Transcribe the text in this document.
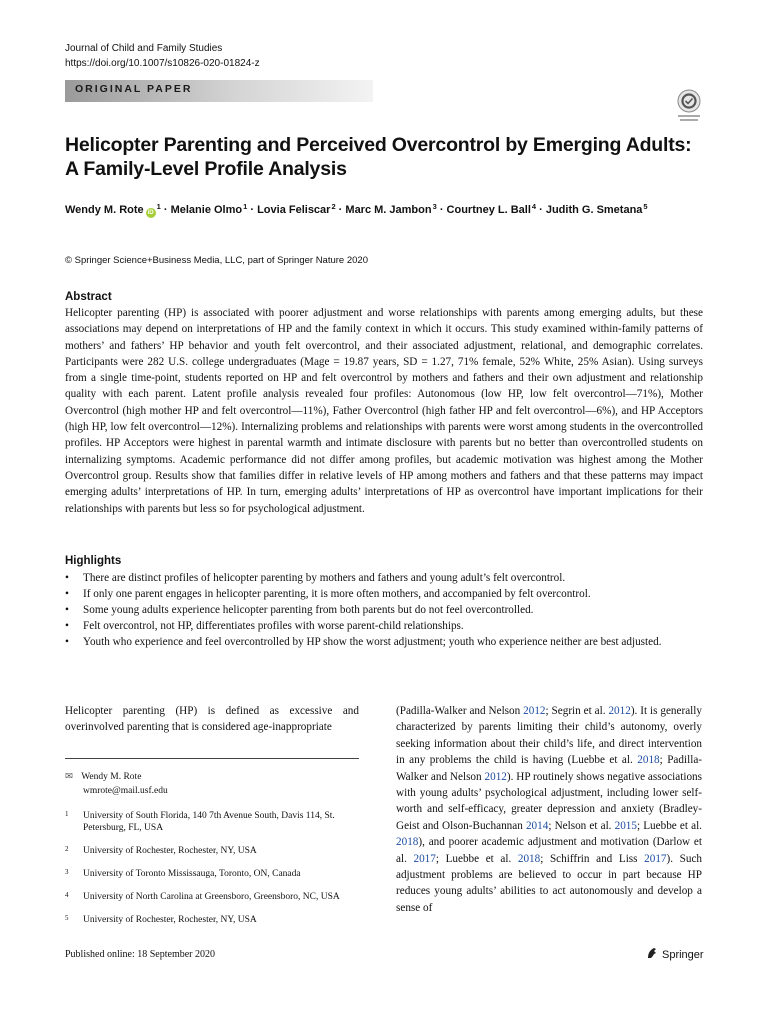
Journal of Child and Family Studies
https://doi.org/10.1007/s10826-020-01824-z
ORIGINAL PAPER
Helicopter Parenting and Perceived Overcontrol by Emerging Adults:
A Family-Level Profile Analysis
Wendy M. Rote $iD^1$ · Melanie Olmo$^1$ · Lovia Feliscar$^2$ · Marc M. Jambon$^3$ · Courtney L. Ball$^4$ · Judith G. Smetana$^5$
© Springer Science+Business Media, LLC, part of Springer Nature 2020
Abstract
Helicopter parenting (HP) is associated with poorer adjustment and worse relationships with parents among emerging adults, but these associations may depend on interpretations of HP and the family context in which it occurs. This study examined within-family patterns of mothers’ and fathers’ HP behavior and youth felt overcontrol, and their associated adjustment, relational, and demographic correlates. Participants were 282 U.S. college undergraduates (Mage = 19.87 years, SD = 1.27, 71% female, 52% White, 25% Asian). Using surveys from a single time-point, students reported on HP and felt overcontrol by mothers and fathers and their own adjustment and relationship quality with each parent. Latent profile analysis revealed four profiles: Autonomous (low HP, low felt overcontrol—71%), Mother Overcontrol (high mother HP and felt overcontrol—11%), Father Overcontrol (high father HP and felt overcontrol—6%), and HP Acceptors (high HP, low felt overcontrol—12%). Internalizing problems and relationships with parents were worst among students in the overcontrolled profiles. HP Acceptors were highest in parental warmth and intimate disclosure with parents but no better than overcontrolled students on internalizing symptoms. Academic performance did not differ among profiles, but academic motivation was highest among the Mother Overcontrol group. Results show that families differ in relative levels of HP among mothers and fathers and that these patterns may impact emerging adults’ interpretations of HP. In turn, emerging adults’ interpretations of HP as overcontrol have important implications for their relationships with parents but less so for psychological adjustment.
Highlights
• There are distinct profiles of helicopter parenting by mothers and fathers and young adult’s felt overcontrol.
• If only one parent engages in helicopter parenting, it is more often mothers, and accompanied by felt overcontrol.
• Some young adults experience helicopter parenting from both parents but do not feel overcontrolled.
• Felt overcontrol, not HP, differentiates profiles with worse parent-child relationships.
• Youth who experience and feel overcontrolled by HP show the worst adjustment; youth who experience neither are best adjusted.
Helicopter parenting (HP) is defined as excessive and overinvolved parenting that is considered age-inappropriate
✉ Wendy M. Rote
wmrote@mail.usf.edu
1 University of South Florida, 140 7th Avenue South, Davis 114, St. Petersburg, FL, USA
2 University of Rochester, Rochester, NY, USA
3 University of Toronto Mississauga, Toronto, ON, Canada
4 University of North Carolina at Greensboro, Greensboro, NC, USA
5 University of Rochester, Rochester, NY, USA
(Padilla-Walker and Nelson 2012; Segrin et al. 2012). It is generally characterized by parents limiting their child’s autonomy, overly seeking information about their child’s life, and direct intervention in any problems the child is having (Luebbe et al. 2018; Padilla-Walker and Nelson 2012). HP routinely shows negative associations with young adults’ psychological adjustment, including lower self-worth and self-efficacy, greater depression and anxiety (Bradley-Geist and Olson-Buchannan 2014; Nelson et al. 2015; Luebbe et al. 2018), and poorer academic adjustment and motivation (Darlow et al. 2017; Luebbe et al. 2018; Schiffrin and Liss 2017). Such adjustment problems are believed to occur in part because HP reduces young adults’ abilities to act autonomously and develop a sense of
Published online: 18 September 2020	Springer
